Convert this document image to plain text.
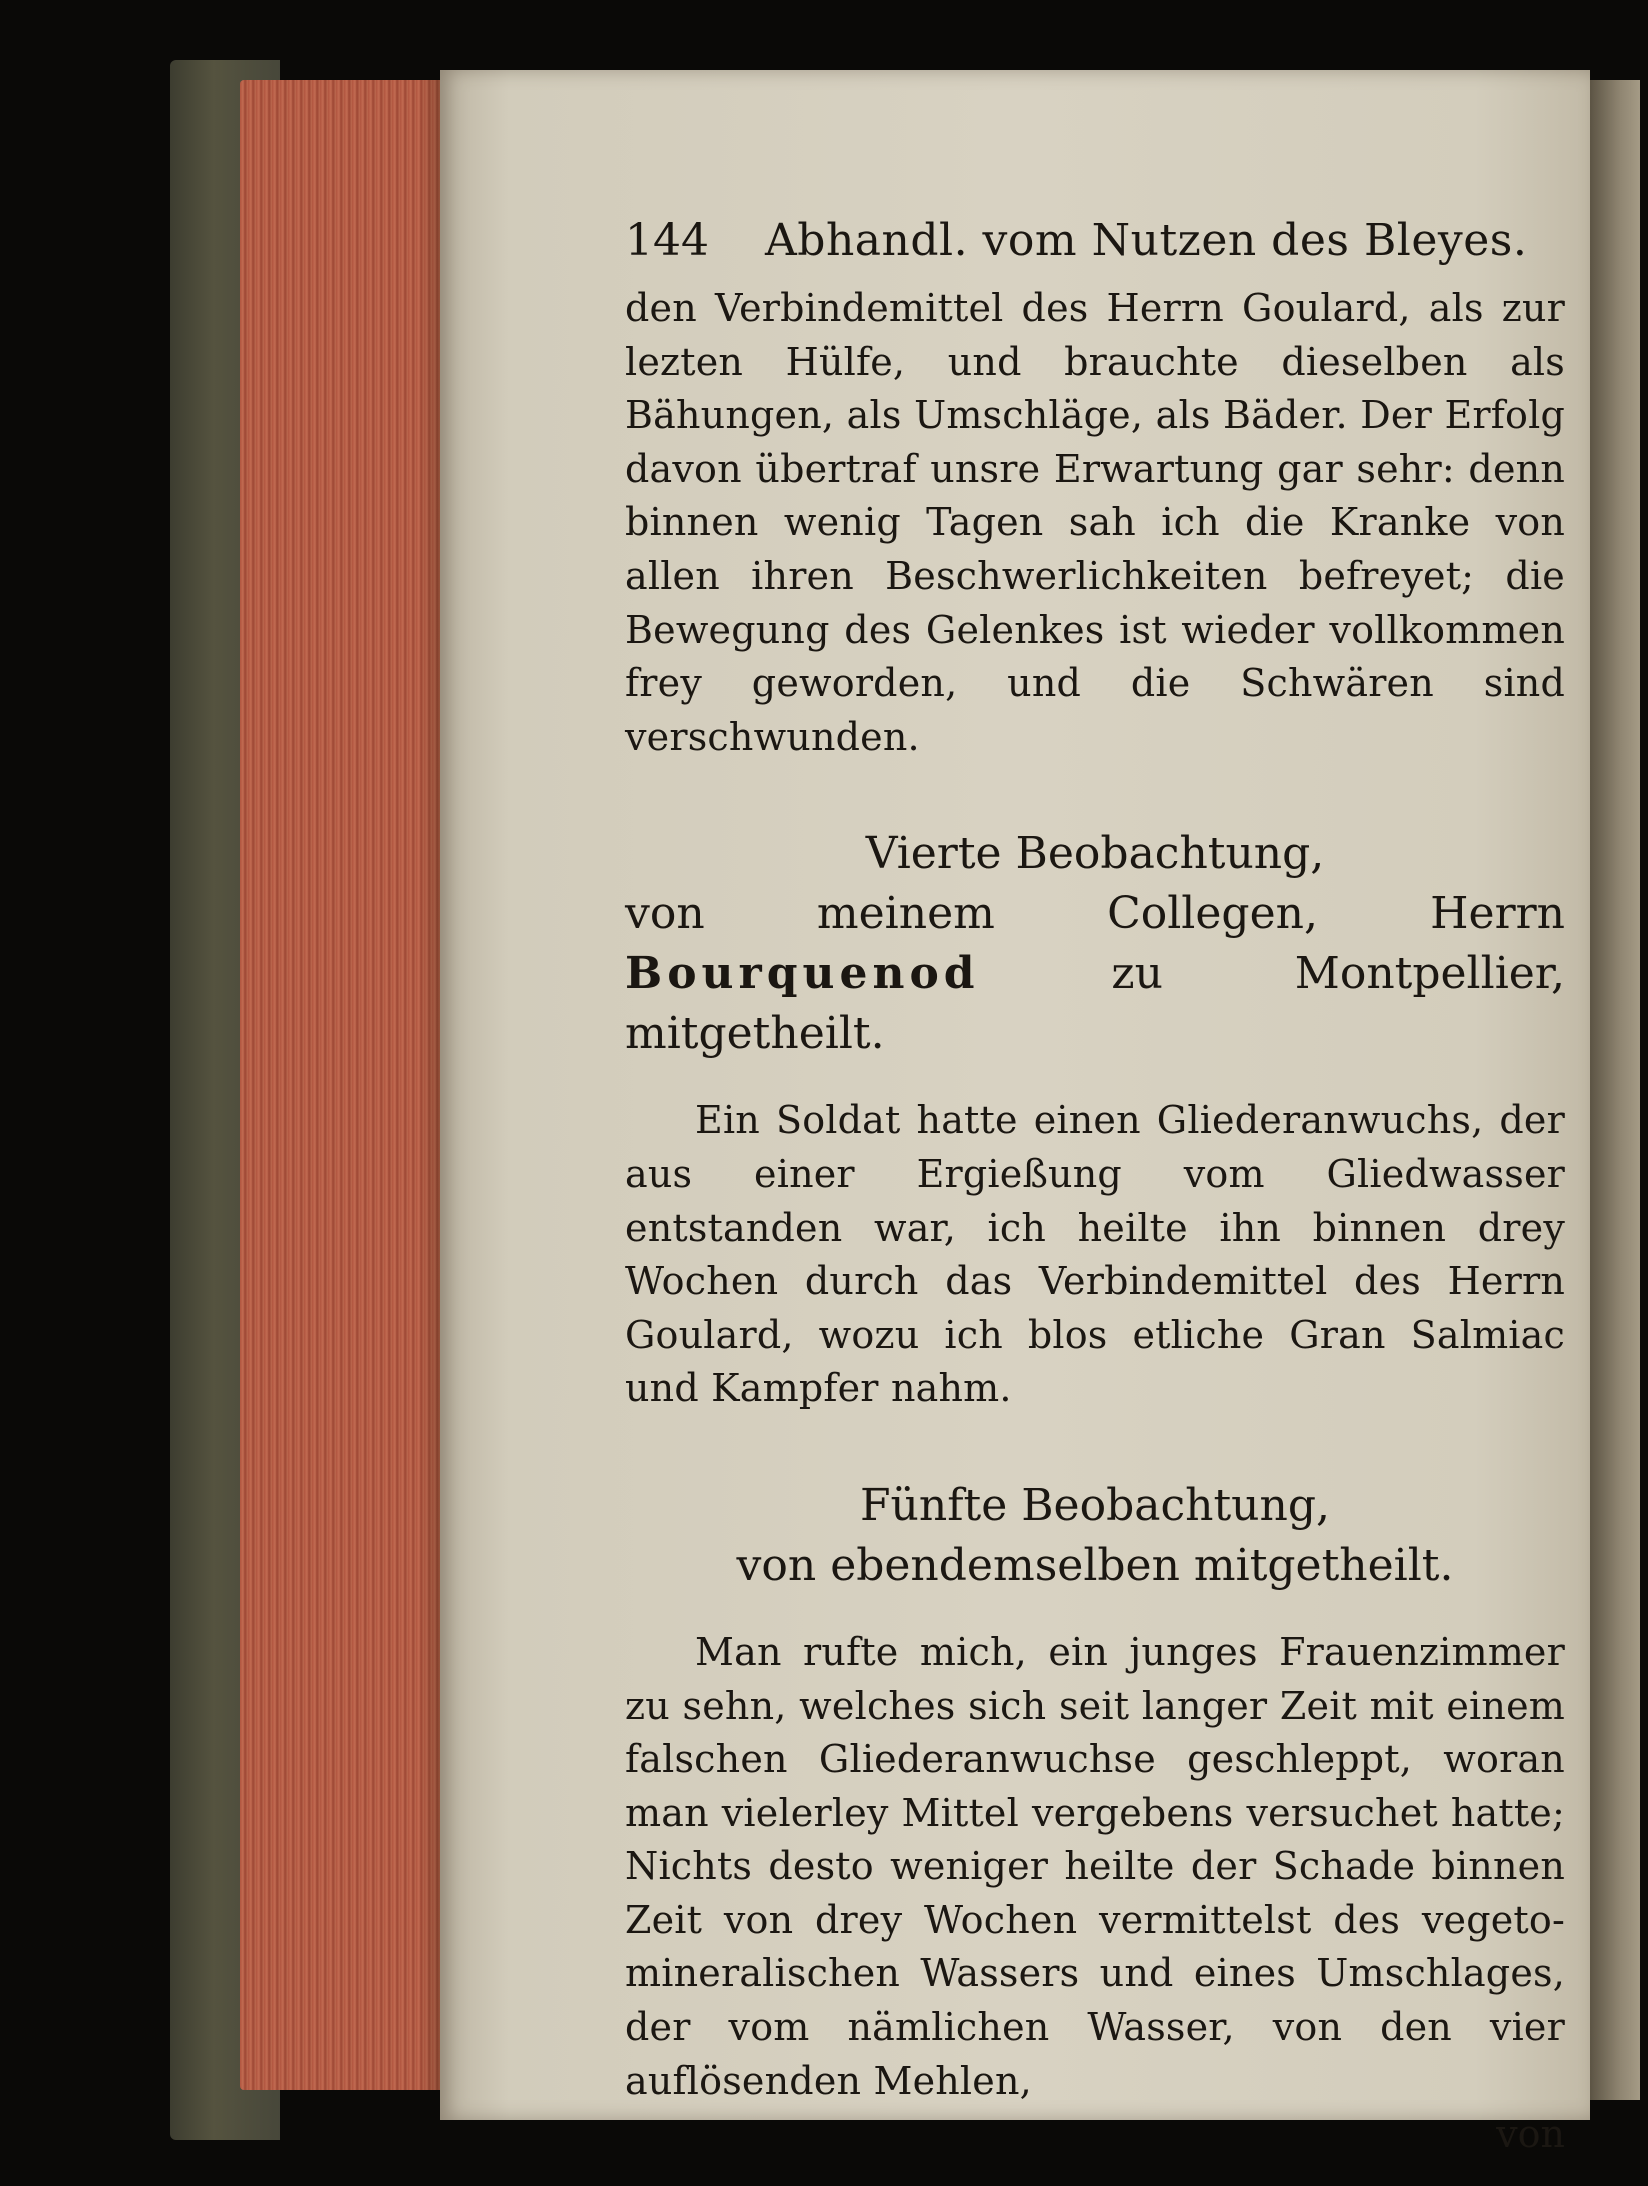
144	Abhandl. vom Nutzen des Bleyes.

den Verbindemittel des Herrn Goulard, als zur lezten Hülfe, und brauchte dieselben als Bähungen, als Umschläge, als Bäder. Der Erfolg davon übertraf unsre Erwartung gar sehr: denn binnen wenig Tagen sah ich die Kranke von allen ihren Beschwerlichkeiten befreyet; die Bewegung des Gelenkes ist wieder vollkommen frey geworden, und die Schwären sind verschwunden.

Vierte Beobachtung,

von meinem Collegen, Herrn Bourquenod	zu Montpellier, mitgetheilt.

Ein Soldat hatte einen Gliederanwuchs, der aus einer Ergießung vom Gliedwasser entstanden war, ich heilte ihn binnen drey Wochen durch das Verbindemittel des Herrn Goulard, wozu ich blos etliche Gran Salmiac und Kampfer nahm.

Fünfte Beobachtung,

von ebendemselben mitgetheilt.

Man rufte mich, ein junges Frauenzimmer zu sehn, welches sich seit langer Zeit mit einem falschen Gliederanwuchse geschleppt, woran man vielerley Mittel vergebens versuchet hatte; Nichts desto weniger heilte der Schade binnen Zeit von drey Wochen vermittelst des vegeto-mineralischen Wassers und eines Umschlages, der vom nämlichen Wasser, von den vier auflösenden Mehlen,

von
